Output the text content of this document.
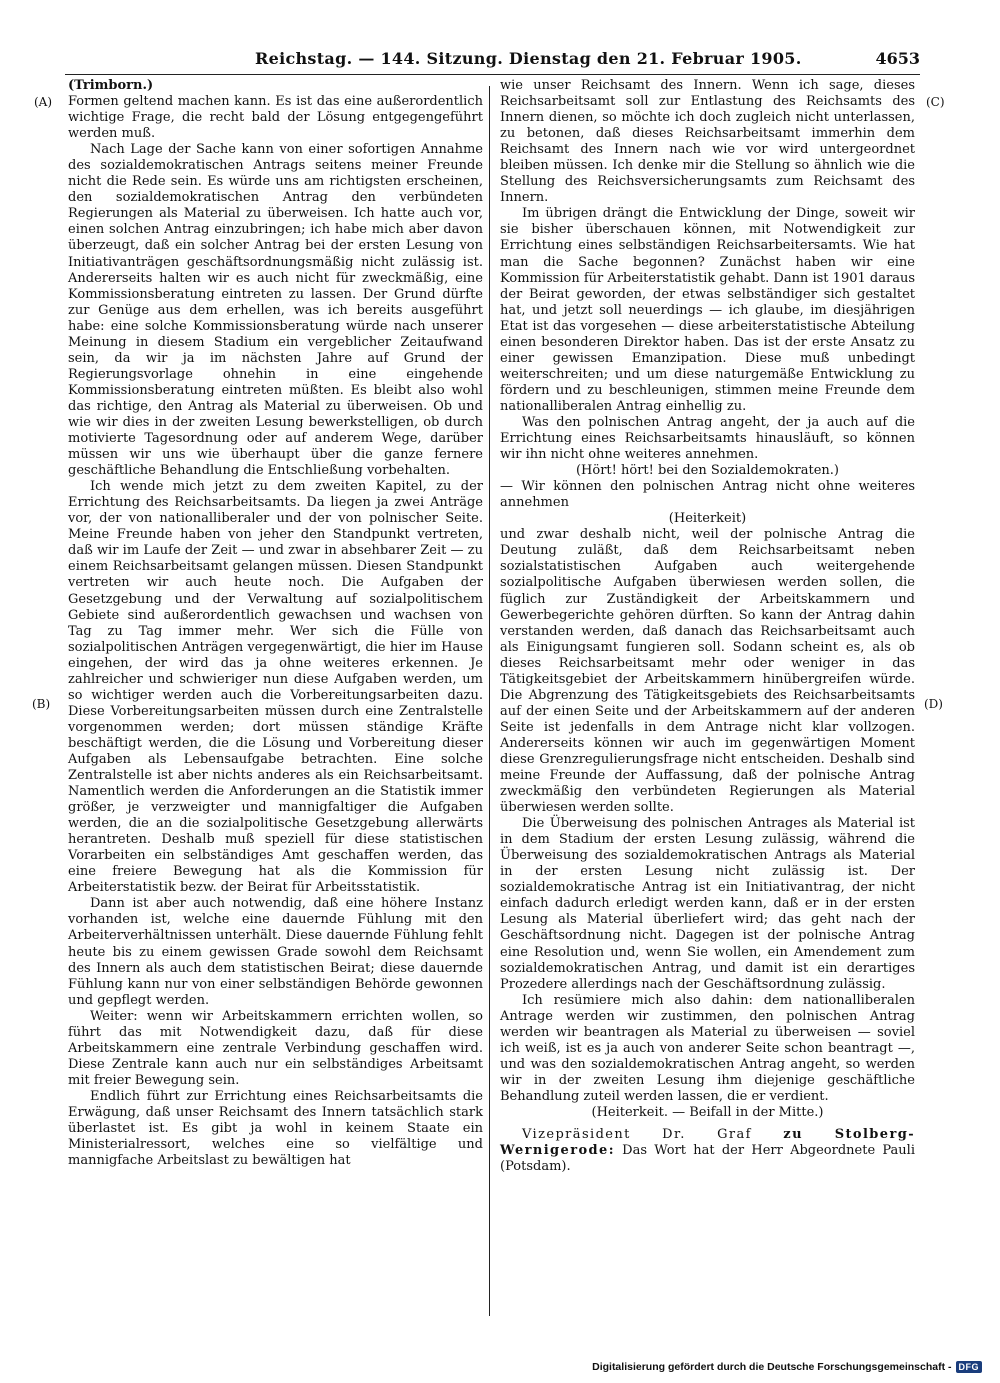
Reichstag. — 144. Sitzung. Dienstag den 21. Februar 1905.	4653
(A)
(B)
(C)
(D)

(Trimborn.)

Formen geltend machen kann. Es ist das eine außerordentlich wichtige Frage, die recht bald der Lösung entgegengeführt werden muß.

Nach Lage der Sache kann von einer sofortigen Annahme des sozialdemokratischen Antrags seitens meiner Freunde nicht die Rede sein. Es würde uns am richtigsten erscheinen, den sozialdemokratischen Antrag den verbündeten Regierungen als Material zu überweisen. Ich hatte auch vor, einen solchen Antrag einzubringen; ich habe mich aber davon überzeugt, daß ein solcher Antrag bei der ersten Lesung von Initiativanträgen geschäftsordnungsmäßig nicht zulässig ist. Andererseits halten wir es auch nicht für zweckmäßig, eine Kommissionsberatung eintreten zu lassen. Der Grund dürfte zur Genüge aus dem erhellen, was ich bereits ausgeführt habe: eine solche Kommissionsberatung würde nach unserer Meinung in diesem Stadium ein vergeblicher Zeitaufwand sein, da wir ja im nächsten Jahre auf Grund der Regierungsvorlage ohnehin in eine eingehende Kommissionsberatung eintreten müßten. Es bleibt also wohl das richtige, den Antrag als Material zu überweisen. Ob und wie wir dies in der zweiten Lesung bewerkstelligen, ob durch motivierte Tagesordnung oder auf anderem Wege, darüber müssen wir uns wie überhaupt über die ganze fernere geschäftliche Behandlung die Entschließung vorbehalten.

Ich wende mich jetzt zu dem zweiten Kapitel, zu der Errichtung des Reichsarbeitsamts. Da liegen ja zwei Anträge vor, der von nationalliberaler und der von polnischer Seite. Meine Freunde haben von jeher den Standpunkt vertreten, daß wir im Laufe der Zeit — und zwar in absehbarer Zeit — zu einem Reichsarbeitsamt gelangen müssen. Diesen Standpunkt vertreten wir auch heute noch. Die Aufgaben der Gesetzgebung und der Verwaltung auf sozialpolitischem Gebiete sind außerordentlich gewachsen und wachsen von Tag zu Tag immer mehr. Wer sich die Fülle von sozialpolitischen Anträgen vergegenwärtigt, die hier im Hause eingehen, der wird das ja ohne weiteres erkennen. Je zahlreicher und schwieriger nun diese Aufgaben werden, um so wichtiger werden auch die Vorbereitungsarbeiten dazu. Diese Vorbereitungsarbeiten müssen durch eine Zentralstelle vorgenommen werden; dort müssen ständige Kräfte beschäftigt werden, die die Lösung und Vorbereitung dieser Aufgaben als Lebensaufgabe betrachten. Eine solche Zentralstelle ist aber nichts anderes als ein Reichsarbeitsamt. Namentlich werden die Anforderungen an die Statistik immer größer, je verzweigter und mannigfaltiger die Aufgaben werden, die an die sozialpolitische Gesetzgebung allerwärts herantreten. Deshalb muß speziell für diese statistischen Vorarbeiten ein selbständiges Amt geschaffen werden, das eine freiere Bewegung hat als die Kommission für Arbeiterstatistik bezw. der Beirat für Arbeitsstatistik.

Dann ist aber auch notwendig, daß eine höhere Instanz vorhanden ist, welche eine dauernde Fühlung mit den Arbeiterverhältnissen unterhält. Diese dauernde Fühlung fehlt heute bis zu einem gewissen Grade sowohl dem Reichsamt des Innern als auch dem statistischen Beirat; diese dauernde Fühlung kann nur von einer selbständigen Behörde gewonnen und gepflegt werden.

Weiter: wenn wir Arbeitskammern errichten wollen, so führt das mit Notwendigkeit dazu, daß für diese Arbeitskammern eine zentrale Verbindung geschaffen wird. Diese Zentrale kann auch nur ein selbständiges Arbeitsamt mit freier Bewegung sein.

Endlich führt zur Errichtung eines Reichsarbeitsamts die Erwägung, daß unser Reichsamt des Innern tatsächlich stark überlastet ist. Es gibt ja wohl in keinem Staate ein Ministerialressort, welches eine so vielfältige und mannigfache Arbeitslast zu bewältigen hat

wie unser Reichsamt des Innern. Wenn ich sage, dieses Reichsarbeitsamt soll zur Entlastung des Reichsamts des Innern dienen, so möchte ich doch zugleich nicht unterlassen, zu betonen, daß dieses Reichsarbeitsamt immerhin dem Reichsamt des Innern nach wie vor wird untergeordnet bleiben müssen. Ich denke mir die Stellung so ähnlich wie die Stellung des Reichsversicherungsamts zum Reichsamt des Innern.

Im übrigen drängt die Entwicklung der Dinge, soweit wir sie bisher überschauen können, mit Notwendigkeit zur Errichtung eines selbständigen Reichsarbeitersamts. Wie hat man die Sache begonnen? Zunächst haben wir eine Kommission für Arbeiterstatistik gehabt. Dann ist 1901 daraus der Beirat geworden, der etwas selbständiger sich gestaltet hat, und jetzt soll neuerdings — ich glaube, im diesjährigen Etat ist das vorgesehen — diese arbeiterstatistische Abteilung einen besonderen Direktor haben. Das ist der erste Ansatz zu einer gewissen Emanzipation. Diese muß unbedingt weiterschreiten; und um diese naturgemäße Entwicklung zu fördern und zu beschleunigen, stimmen meine Freunde dem nationalliberalen Antrag einhellig zu.

Was den polnischen Antrag angeht, der ja auch auf die Errichtung eines Reichsarbeitsamts hinausläuft, so können wir ihn nicht ohne weiteres annehmen.

(Hört! hört! bei den Sozialdemokraten.)

— Wir können den polnischen Antrag nicht ohne weiteres annehmen

(Heiterkeit)

und zwar deshalb nicht, weil der polnische Antrag die Deutung zuläßt, daß dem Reichsarbeitsamt neben sozialstatistischen Aufgaben auch weitergehende sozialpolitische Aufgaben überwiesen werden sollen, die füglich zur Zuständigkeit der Arbeitskammern und Gewerbegerichte gehören dürften. So kann der Antrag dahin verstanden werden, daß danach das Reichsarbeitsamt auch als Einigungsamt fungieren soll. Sodann scheint es, als ob dieses Reichsarbeitsamt mehr oder weniger in das Tätigkeitsgebiet der Arbeitskammern hinübergreifen würde. Die Abgrenzung des Tätigkeitsgebiets des Reichsarbeitsamts auf der einen Seite und der Arbeitskammern auf der anderen Seite ist jedenfalls in dem Antrage nicht klar vollzogen. Andererseits können wir auch im gegenwärtigen Moment diese Grenzregulierungsfrage nicht entscheiden. Deshalb sind meine Freunde der Auffassung, daß der polnische Antrag zweckmäßig den verbündeten Regierungen als Material überwiesen werden sollte.

Die Überweisung des polnischen Antrages als Material ist in dem Stadium der ersten Lesung zulässig, während die Überweisung des sozialdemokratischen Antrags als Material in der ersten Lesung nicht zulässig ist. Der sozialdemokratische Antrag ist ein Initiativantrag, der nicht einfach dadurch erledigt werden kann, daß er in der ersten Lesung als Material überliefert wird; das geht nach der Geschäftsordnung nicht. Dagegen ist der polnische Antrag eine Resolution und, wenn Sie wollen, ein Amendement zum sozialdemokratischen Antrag, und damit ist ein derartiges Prozedere allerdings nach der Geschäftsordnung zulässig.

Ich resümiere mich also dahin: dem nationalliberalen Antrage werden wir zustimmen, den polnischen Antrag werden wir beantragen als Material zu überweisen — soviel ich weiß, ist es ja auch von anderer Seite schon beantragt —, und was den sozialdemokratischen Antrag angeht, so werden wir in der zweiten Lesung ihm diejenige geschäftliche Behandlung zuteil werden lassen, die er verdient.

(Heiterkeit. — Beifall in der Mitte.)

Vizepräsident Dr. Graf zu Stolberg-Wernigerode: Das Wort hat der Herr Abgeordnete Pauli (Potsdam).

Digitalisierung gefördert durch die Deutsche Forschungsgemeinschaft - DFG
